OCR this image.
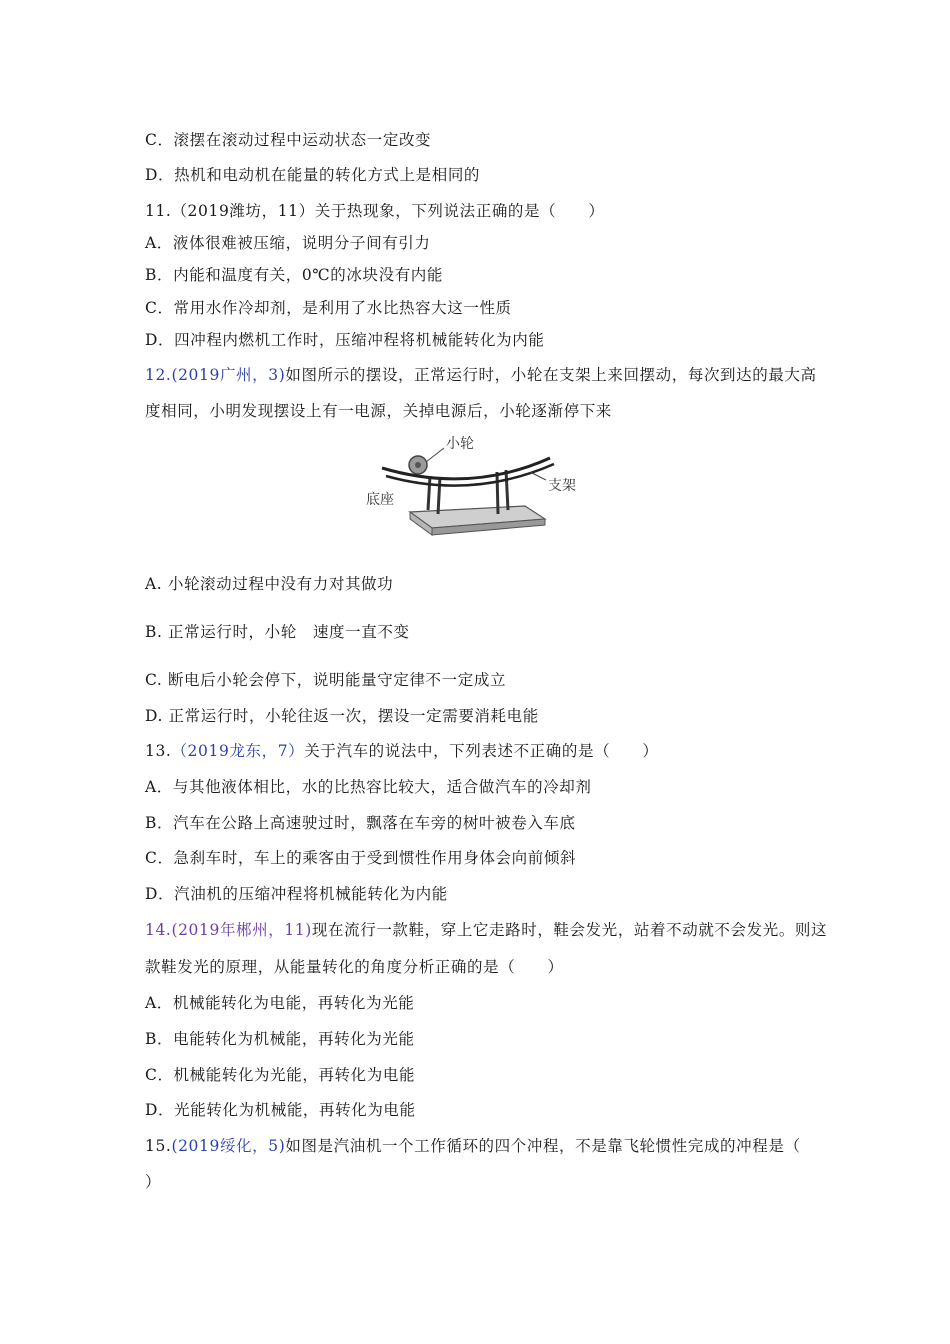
C．滚摆在滚动过程中运动状态一定改变
D．热机和电动机在能量的转化方式上是相同的
11.（2019潍坊，11）关于热现象，下列说法正确的是（　　）
A．液体很难被压缩，说明分子间有引力
B．内能和温度有关，0℃的冰块没有内能
C．常用水作冷却剂，是利用了水比热容大这一性质
D．四冲程内燃机工作时，压缩冲程将机械能转化为内能
12.(2019广州，3)如图所示的摆设，正常运行时，小轮在支架上来回摆动，每次到达的最大高
度相同，小明发现摆设上有一电源，关掉电源后，小轮逐渐停下来
小轮
支架
底座
A. 小轮滚动过程中没有力对其做功
B. 正常运行时，小轮　速度一直不变
C. 断电后小轮会停下，说明能量守定律不一定成立
D. 正常运行时，小轮往返一次，摆设一定需要消耗电能
13.（2019龙东，7）关于汽车的说法中，下列表述不正确的是（　　）
A．与其他液体相比，水的比热容比较大，适合做汽车的冷却剂
B．汽车在公路上高速驶过时，飘落在车旁的树叶被卷入车底
C．急刹车时，车上的乘客由于受到惯性作用身体会向前倾斜
D．汽油机的压缩冲程将机械能转化为内能
14.(2019年郴州，11)现在流行一款鞋，穿上它走路时，鞋会发光，站着不动就不会发光。则这
款鞋发光的原理，从能量转化的角度分析正确的是（　　）
A．机械能转化为电能，再转化为光能
B．电能转化为机械能，再转化为光能
C．机械能转化为光能，再转化为电能
D．光能转化为机械能，再转化为电能
15.(2019绥化，5)如图是汽油机一个工作循环的四个冲程，不是靠飞轮惯性完成的冲程是（
）
